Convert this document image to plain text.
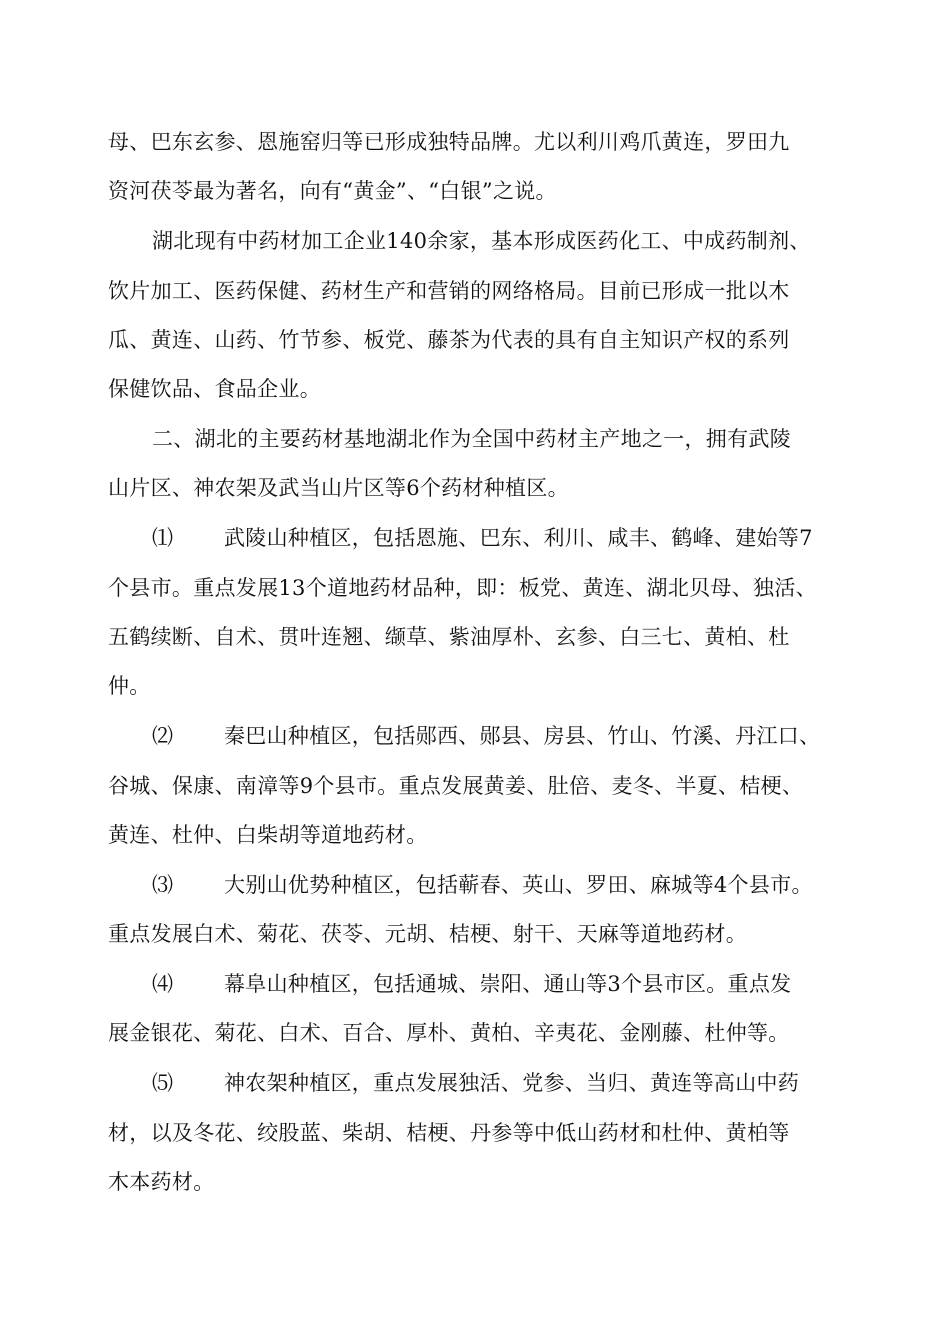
母、巴东玄参、恩施窑归等已形成独特品牌。尤以利川鸡爪黄连，罗田九
资河茯苓最为著名，向有“黄金”、“白银”之说。
湖北现有中药材加工企业140余家，基本形成医药化工、中成药制剂、
饮片加工、医药保健、药材生产和营销的网络格局。目前已形成一批以木
瓜、黄连、山药、竹节参、板党、藤茶为代表的具有自主知识产权的系列
保健饮品、食品企业。
二、湖北的主要药材基地湖北作为全国中药材主产地之一，拥有武陵
山片区、神农架及武当山片区等6个药材种植区。
⑴ 武陵山种植区，包括恩施、巴东、利川、咸丰、鹤峰、建始等7
个县市。重点发展13个道地药材品种，即：板党、黄连、湖北贝母、独活、
五鹤续断、自术、贯叶连翘、缬草、紫油厚朴、玄参、白三七、黄柏、杜
仲。
⑵ 秦巴山种植区，包括郧西、郧县、房县、竹山、竹溪、丹江口、
谷城、保康、南漳等9个县市。重点发展黄姜、肚倍、麦冬、半夏、桔梗、
黄连、杜仲、白柴胡等道地药材。
⑶ 大别山优势种植区，包括蕲春、英山、罗田、麻城等4个县市。
重点发展白术、菊花、茯苓、元胡、桔梗、射干、天麻等道地药材。
⑷ 幕阜山种植区，包括通城、崇阳、通山等3个县市区。重点发
展金银花、菊花、白术、百合、厚朴、黄柏、辛夷花、金刚藤、杜仲等。
⑸ 神农架种植区，重点发展独活、党参、当归、黄连等高山中药
材，以及冬花、绞股蓝、柴胡、桔梗、丹参等中低山药材和杜仲、黄柏等
木本药材。
